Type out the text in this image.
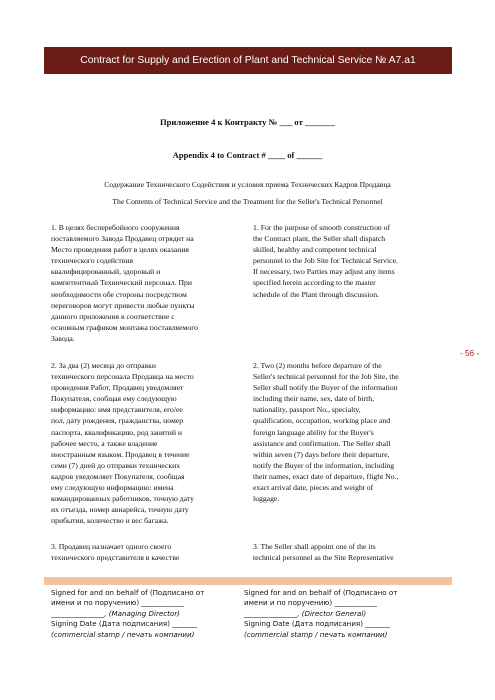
Contract for Supply and Erection of Plant and Technical Service № A7.a1
Приложение 4 к Контракту № ___ от _______
Appendix 4 to Contract # ____ of ______
Содержание Технического Содействия и условия приема Технических Кадров Продавца
The Contents of Technical Service and the Treatment for the Seller's Technical Personnel
1. В целях бесперебойного сооружения
поставляемого Завода Продавец отрядит на
Место проведения работ в целях оказания
технического содействия
квалифицированный, здоровый и
компетентный Технический персонал. При
необходимости обе стороны посредством
переговоров могут привести любые пункты
данного приложения в соответствие с
основным графиком монтажа поставляемого
Завода.
1. For the purpose of smooth construction of
the Contract plant, the Seller shall dispatch
skilled, healthy and competent technical
personnel to the Job Site for Technical Service.
If necessary, two Parties may adjust any items
specified herein according to the master
schedule of the Plant through discussion.
- 56 -
2. За два (2) месяца до отправки
технического персонала Продавца на место
проведения Работ, Продавец уведомляет
Покупателя, сообщая ему следующую
информацию: имя представителя, его/ее
пол, дату рождения, гражданства, номер
паспорта, квалификацию, род занятий и
рабочее место, а также владение
иностранным языком. Продавец в течение
семи (7) дней до отправки технических
кадров уведомляет Покупателя, сообщая
ему следующую информацию: имена
командированных работников, точную дату
их отъезда, номер авиарейса, точную дату
прибытия, количество и вес багажа.
2. Two (2) months before departure of the
Seller's technical personnel for the Job Site, the
Seller shall notify the Buyer of the information
including their name, sex, date of birth,
nationality, passport No., specialty,
qualification, occupation, working place and
foreign language ability for the Buyer's
assistance and confirmation. The Seller shall
within seven (7) days before their departure,
notify the Buyer of the information, including
their names, exact date of departure, flight No.,
exact arrival date, pieces and weight of
luggage.
3. Продавец назначает одного своего
технического представителя в качестве
3. The Seller shall appoint one of the its
technical personnel as the Site Representative
Signed for and on behalf of (Подписано от
имени и по поручению) ____________
_______________, (Managing Director)
Signing Date (Дата подписания) _______
(commercial stamp / печать компании)
Signed for and on behalf of (Подписано от
имени и по поручению) ____________
_______________, (Director General)
Signing Date (Дата подписания) _______
(commercial stamp / печать компании)
